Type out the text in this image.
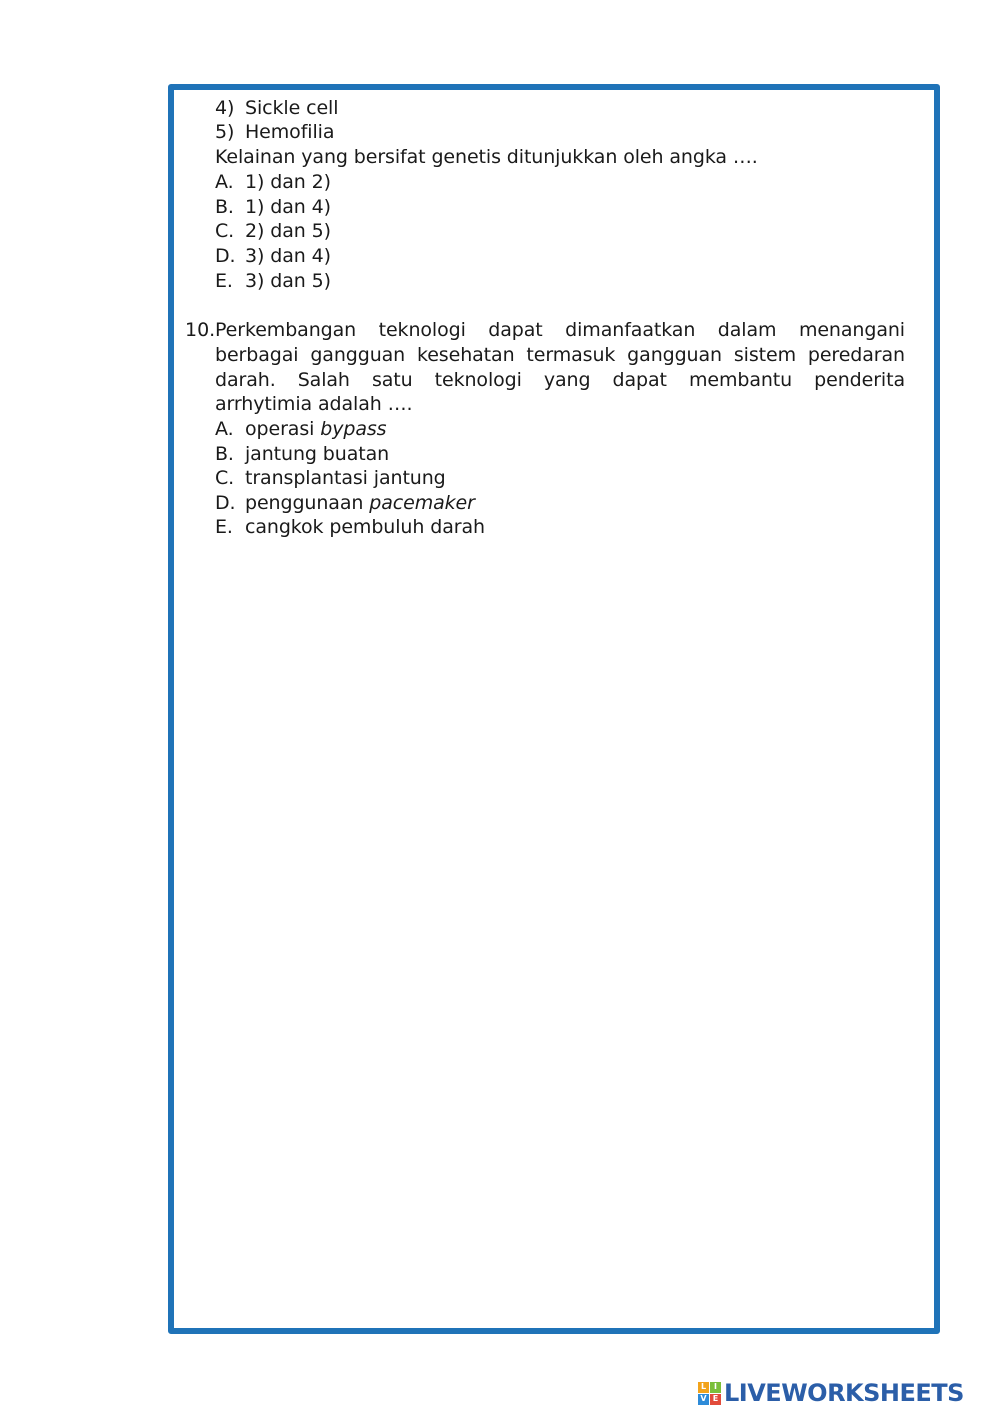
4) Sickle cell
5) Hemofilia
Kelainan yang bersifat genetis ditunjukkan oleh angka ….
A. 1) dan 2)
B. 1) dan 4)
C. 2) dan 5)
D. 3) dan 4)
E. 3) dan 5)
10. Perkembangan teknologi dapat dimanfaatkan dalam menangani
berbagai gangguan kesehatan termasuk gangguan sistem peredaran
darah. Salah satu teknologi yang dapat membantu penderita
arrhytimia adalah ….
A. operasi bypass
B. jantung buatan
C. transplantasi jantung
D. penggunaan pacemaker
E. cangkok pembuluh darah
L I
V E LIVEWORKSHEETS
